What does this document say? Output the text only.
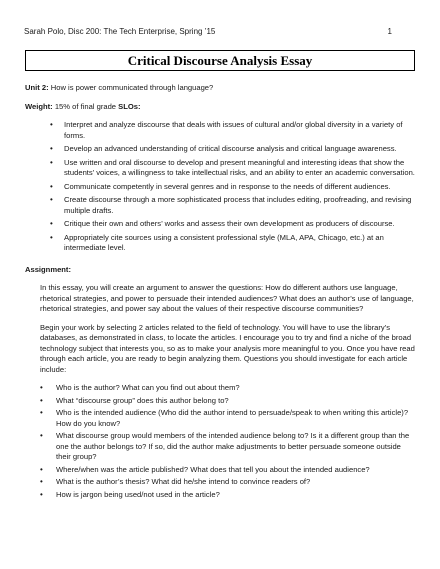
Sarah Polo, Disc 200: The Tech Enterprise, Spring ’15	1
Critical Discourse Analysis Essay

Unit 2: How is power communicated through language?

Weight: 15% of final grade SLOs:

• Interpret and analyze discourse that deals with issues of cultural and/or global diversity in a variety of forms.
• Develop an advanced understanding of critical discourse analysis and critical language awareness.
• Use written and oral discourse to develop and present meaningful and interesting ideas that show the students’ voices, a willingness to take intellectual risks, and an ability to enter an academic conversation.
• Communicate competently in several genres and in response to the needs of different audiences.
• Create discourse through a more sophisticated process that includes editing, proofreading, and revising multiple drafts.
• Critique their own and others’ works and assess their own development as producers of discourse.
• Appropriately cite sources using a consistent professional style (MLA, APA, Chicago, etc.) at an intermediate level.

Assignment:

In this essay, you will create an argument to answer the questions: How do different authors use language, rhetorical strategies, and power to persuade their intended audiences? What does an author’s use of language, rhetorical strategies, and power say about the values of their respective discourse communities?

Begin your work by selecting 2 articles related to the field of technology. You will have to use the library’s databases, as demonstrated in class, to locate the articles. I encourage you to try and find a niche of the broad technology subject that interests you, so as to make your analysis more meaningful to you. Once you have read through each article, you are ready to begin analyzing them. Questions you should investigate for each article include:

• Who is the author? What can you find out about them?
• What “discourse group” does this author belong to?
• Who is the intended audience (Who did the author intend to persuade/speak to when writing this article)? How do you know?
• What discourse group would members of the intended audience belong to? Is it a different group than the one the author belongs to? If so, did the author make adjustments to better persuade someone outside their group?
• Where/when was the article published? What does that tell you about the intended audience?
• What is the author’s thesis? What did he/she intend to convince readers of?
• How is jargon being used/not used in the article?
